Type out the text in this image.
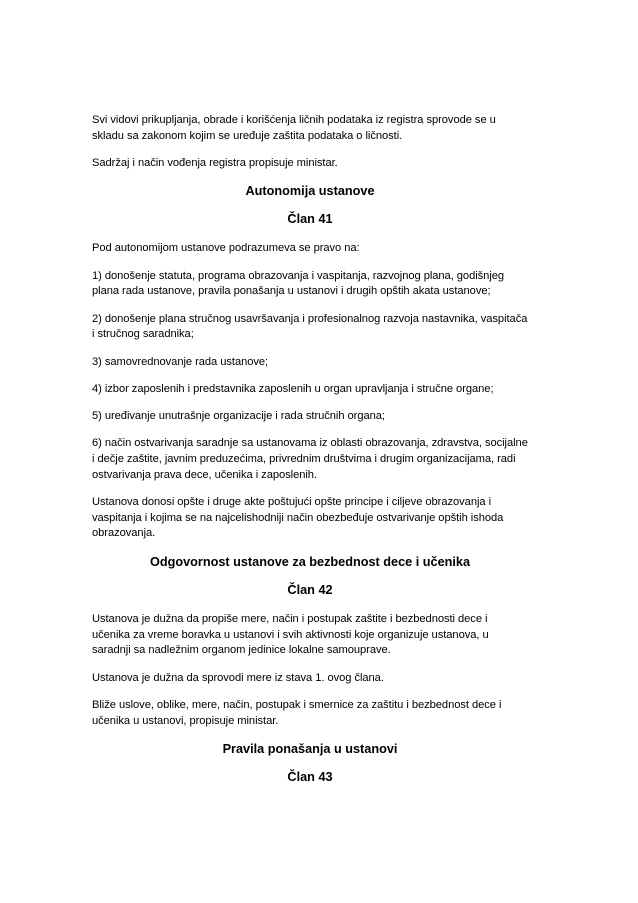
Svi vidovi prikupljanja, obrade i korišćenja ličnih podataka iz registra sprovode se u skladu sa zakonom kojim se uređuje zaštita podataka o ličnosti.

Sadržaj i način vođenja registra propisuje ministar.

Autonomija ustanove
Član 41

Pod autonomijom ustanove podrazumeva se pravo na:

1) donošenje statuta, programa obrazovanja i vaspitanja, razvojnog plana, godišnjeg plana rada ustanove, pravila ponašanja u ustanovi i drugih opštih akata ustanove;

2) donošenje plana stručnog usavršavanja i profesionalnog razvoja nastavnika, vaspitača i stručnog saradnika;

3) samovrednovanje rada ustanove;

4) izbor zaposlenih i predstavnika zaposlenih u organ upravljanja i stručne organe;

5) uređivanje unutrašnje organizacije i rada stručnih organa;

6) način ostvarivanja saradnje sa ustanovama iz oblasti obrazovanja, zdravstva, socijalne i dečje zaštite, javnim preduzećima, privrednim društvima i drugim organizacijama, radi ostvarivanja prava dece, učenika i zaposlenih.

Ustanova donosi opšte i druge akte poštujući opšte principe i ciljeve obrazovanja i vaspitanja i kojima se na najcelishodniji način obezbeđuje ostvarivanje opštih ishoda obrazovanja.

Odgovornost ustanove za bezbednost dece i učenika
Član 42

Ustanova je dužna da propiše mere, način i postupak zaštite i bezbednosti dece i učenika za vreme boravka u ustanovi i svih aktivnosti koje organizuje ustanova, u saradnji sa nadležnim organom jedinice lokalne samouprave.

Ustanova je dužna da sprovodi mere iz stava 1. ovog člana.

Bliže uslove, oblike, mere, način, postupak i smernice za zaštitu i bezbednost dece i učenika u ustanovi, propisuje ministar.

Pravila ponašanja u ustanovi
Član 43
